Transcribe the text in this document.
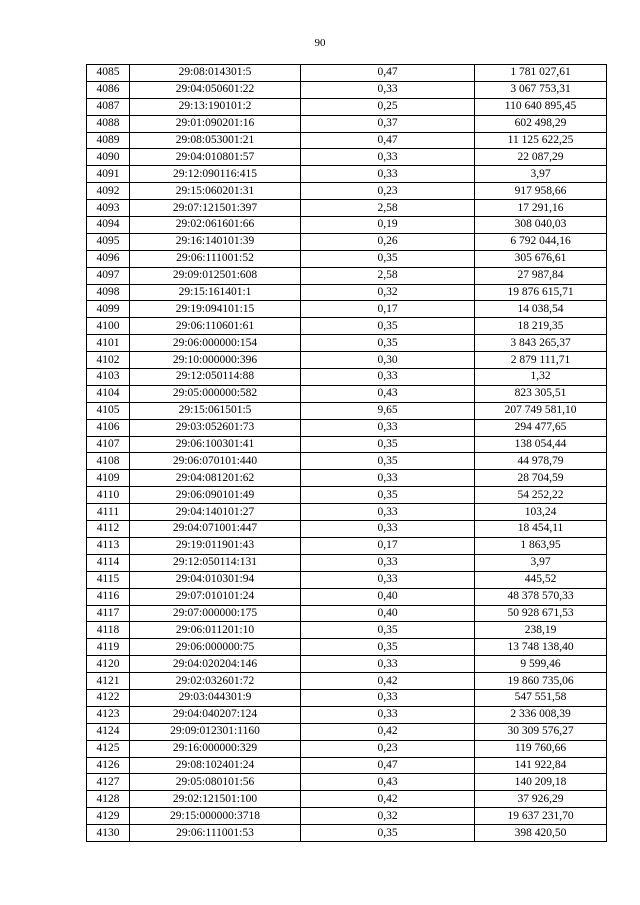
90
4085	29:08:014301:5	0,47	1 781 027,61
4086	29:04:050601:22	0,33	3 067 753,31
4087	29:13:190101:2	0,25	110 640 895,45
4088	29:01:090201:16	0,37	602 498,29
4089	29:08:053001:21	0,47	11 125 622,25
4090	29:04:010801:57	0,33	22 087,29
4091	29:12:090116:415	0,33	3,97
4092	29:15:060201:31	0,23	917 958,66
4093	29:07:121501:397	2,58	17 291,16
4094	29:02:061601:66	0,19	308 040,03
4095	29:16:140101:39	0,26	6 792 044,16
4096	29:06:111001:52	0,35	305 676,61
4097	29:09:012501:608	2,58	27 987,84
4098	29:15:161401:1	0,32	19 876 615,71
4099	29:19:094101:15	0,17	14 038,54
4100	29:06:110601:61	0,35	18 219,35
4101	29:06:000000:154	0,35	3 843 265,37
4102	29:10:000000:396	0,30	2 879 111,71
4103	29:12:050114:88	0,33	1,32
4104	29:05:000000:582	0,43	823 305,51
4105	29:15:061501:5	9,65	207 749 581,10
4106	29:03:052601:73	0,33	294 477,65
4107	29:06:100301:41	0,35	138 054,44
4108	29:06:070101:440	0,35	44 978,79
4109	29:04:081201:62	0,33	28 704,59
4110	29:06:090101:49	0,35	54 252,22
4111	29:04:140101:27	0,33	103,24
4112	29:04:071001:447	0,33	18 454,11
4113	29:19:011901:43	0,17	1 863,95
4114	29:12:050114:131	0,33	3,97
4115	29:04:010301:94	0,33	445,52
4116	29:07:010101:24	0,40	48 378 570,33
4117	29:07:000000:175	0,40	50 928 671,53
4118	29:06:011201:10	0,35	238,19
4119	29:06:000000:75	0,35	13 748 138,40
4120	29:04:020204:146	0,33	9 599,46
4121	29:02:032601:72	0,42	19 860 735,06
4122	29:03:044301:9	0,33	547 551,58
4123	29:04:040207:124	0,33	2 336 008,39
4124	29:09:012301:1160	0,42	30 309 576,27
4125	29:16:000000:329	0,23	119 760,66
4126	29:08:102401:24	0,47	141 922,84
4127	29:05:080101:56	0,43	140 209,18
4128	29:02:121501:100	0,42	37 926,29
4129	29:15:000000:3718	0,32	19 637 231,70
4130	29:06:111001:53	0,35	398 420,50
